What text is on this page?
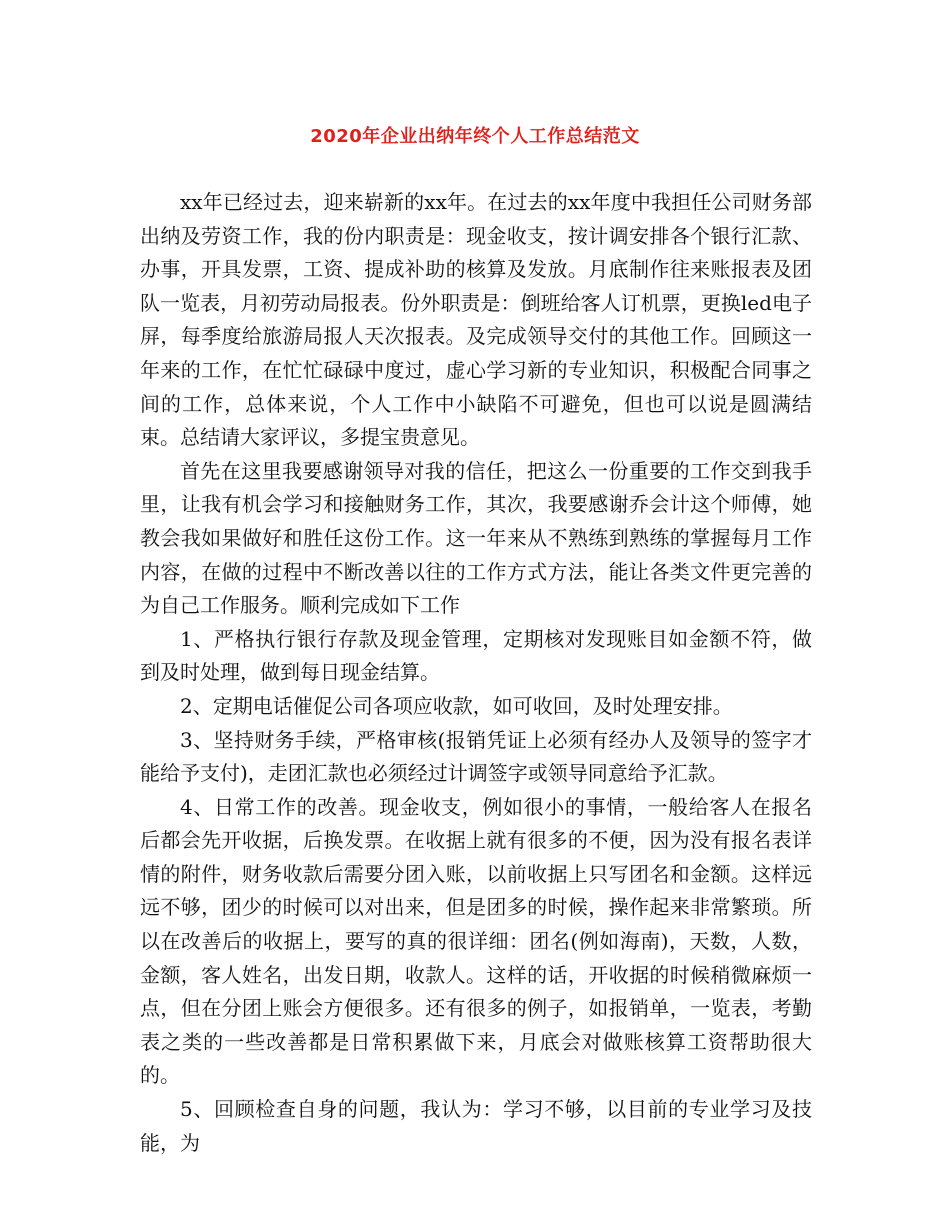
2020年企业出纳年终个人工作总结范文

xx年已经过去，迎来崭新的xx年。在过去的xx年度中我担任公司财务部出纳及劳资工作，我的份内职责是：现金收支，按计调安排各个银行汇款、办事，开具发票，工资、提成补助的核算及发放。月底制作往来账报表及团队一览表，月初劳动局报表。份外职责是：倒班给客人订机票，更换led电子屏，每季度给旅游局报人天次报表。及完成领导交付的其他工作。回顾这一年来的工作，在忙忙碌碌中度过，虚心学习新的专业知识，积极配合同事之间的工作，总体来说，个人工作中小缺陷不可避免，但也可以说是圆满结束。总结请大家评议，多提宝贵意见。

首先在这里我要感谢领导对我的信任，把这么一份重要的工作交到我手里，让我有机会学习和接触财务工作，其次，我要感谢乔会计这个师傅，她教会我如果做好和胜任这份工作。这一年来从不熟练到熟练的掌握每月工作内容，在做的过程中不断改善以往的工作方式方法，能让各类文件更完善的为自己工作服务。顺利完成如下工作

1、严格执行银行存款及现金管理，定期核对发现账目如金额不符，做到及时处理，做到每日现金结算。

2、定期电话催促公司各项应收款，如可收回，及时处理安排。

3、坚持财务手续，严格审核(报销凭证上必须有经办人及领导的签字才能给予支付)，走团汇款也必须经过计调签字或领导同意给予汇款。

4、日常工作的改善。现金收支，例如很小的事情，一般给客人在报名后都会先开收据，后换发票。在收据上就有很多的不便，因为没有报名表详情的附件，财务收款后需要分团入账，以前收据上只写团名和金额。这样远远不够，团少的时候可以对出来，但是团多的时候，操作起来非常繁琐。所以在改善后的收据上，要写的真的很详细：团名(例如海南)，天数，人数，金额，客人姓名，出发日期，收款人。这样的话，开收据的时候稍微麻烦一点，但在分团上账会方便很多。还有很多的例子，如报销单，一览表，考勤表之类的一些改善都是日常积累做下来，月底会对做账核算工资帮助很大的。

5、回顾检查自身的问题，我认为：学习不够，以目前的专业学习及技能，为
